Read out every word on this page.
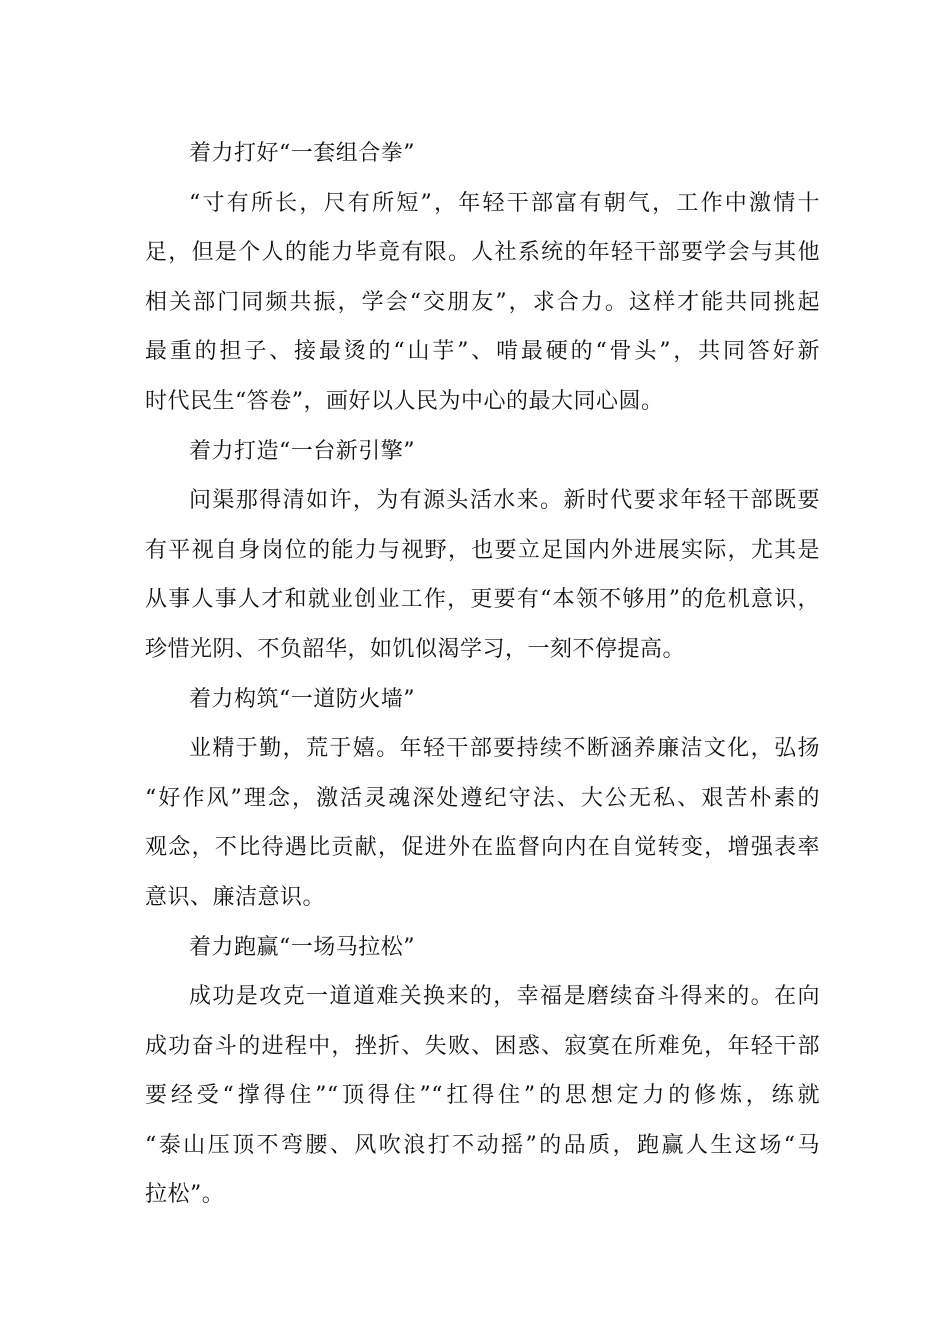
着力打好“一套组合拳”
“寸有所长，尺有所短”，年轻干部富有朝气，工作中激情十
足，但是个人的能力毕竟有限。人社系统的年轻干部要学会与其他
相关部门同频共振，学会“交朋友”，求合力。这样才能共同挑起
最重的担子、接最烫的“山芋”、啃最硬的“骨头”，共同答好新
时代民生“答卷”，画好以人民为中心的最大同心圆。
着力打造“一台新引擎”
问渠那得清如许，为有源头活水来。新时代要求年轻干部既要
有平视自身岗位的能力与视野，也要立足国内外进展实际，尤其是
从事人事人才和就业创业工作，更要有“本领不够用”的危机意识，
珍惜光阴、不负韶华，如饥似渴学习，一刻不停提高。
着力构筑“一道防火墙”
业精于勤，荒于嬉。年轻干部要持续不断涵养廉洁文化，弘扬
“好作风”理念，激活灵魂深处遵纪守法、大公无私、艰苦朴素的
观念，不比待遇比贡献，促进外在监督向内在自觉转变，增强表率
意识、廉洁意识。
着力跑赢“一场马拉松”
成功是攻克一道道难关换来的，幸福是磨续奋斗得来的。在向
成功奋斗的进程中，挫折、失败、困惑、寂寞在所难免，年轻干部
要经受“撑得住”“顶得住”“扛得住”的思想定力的修炼，练就
“泰山压顶不弯腰、风吹浪打不动摇”的品质，跑赢人生这场“马
拉松”。
